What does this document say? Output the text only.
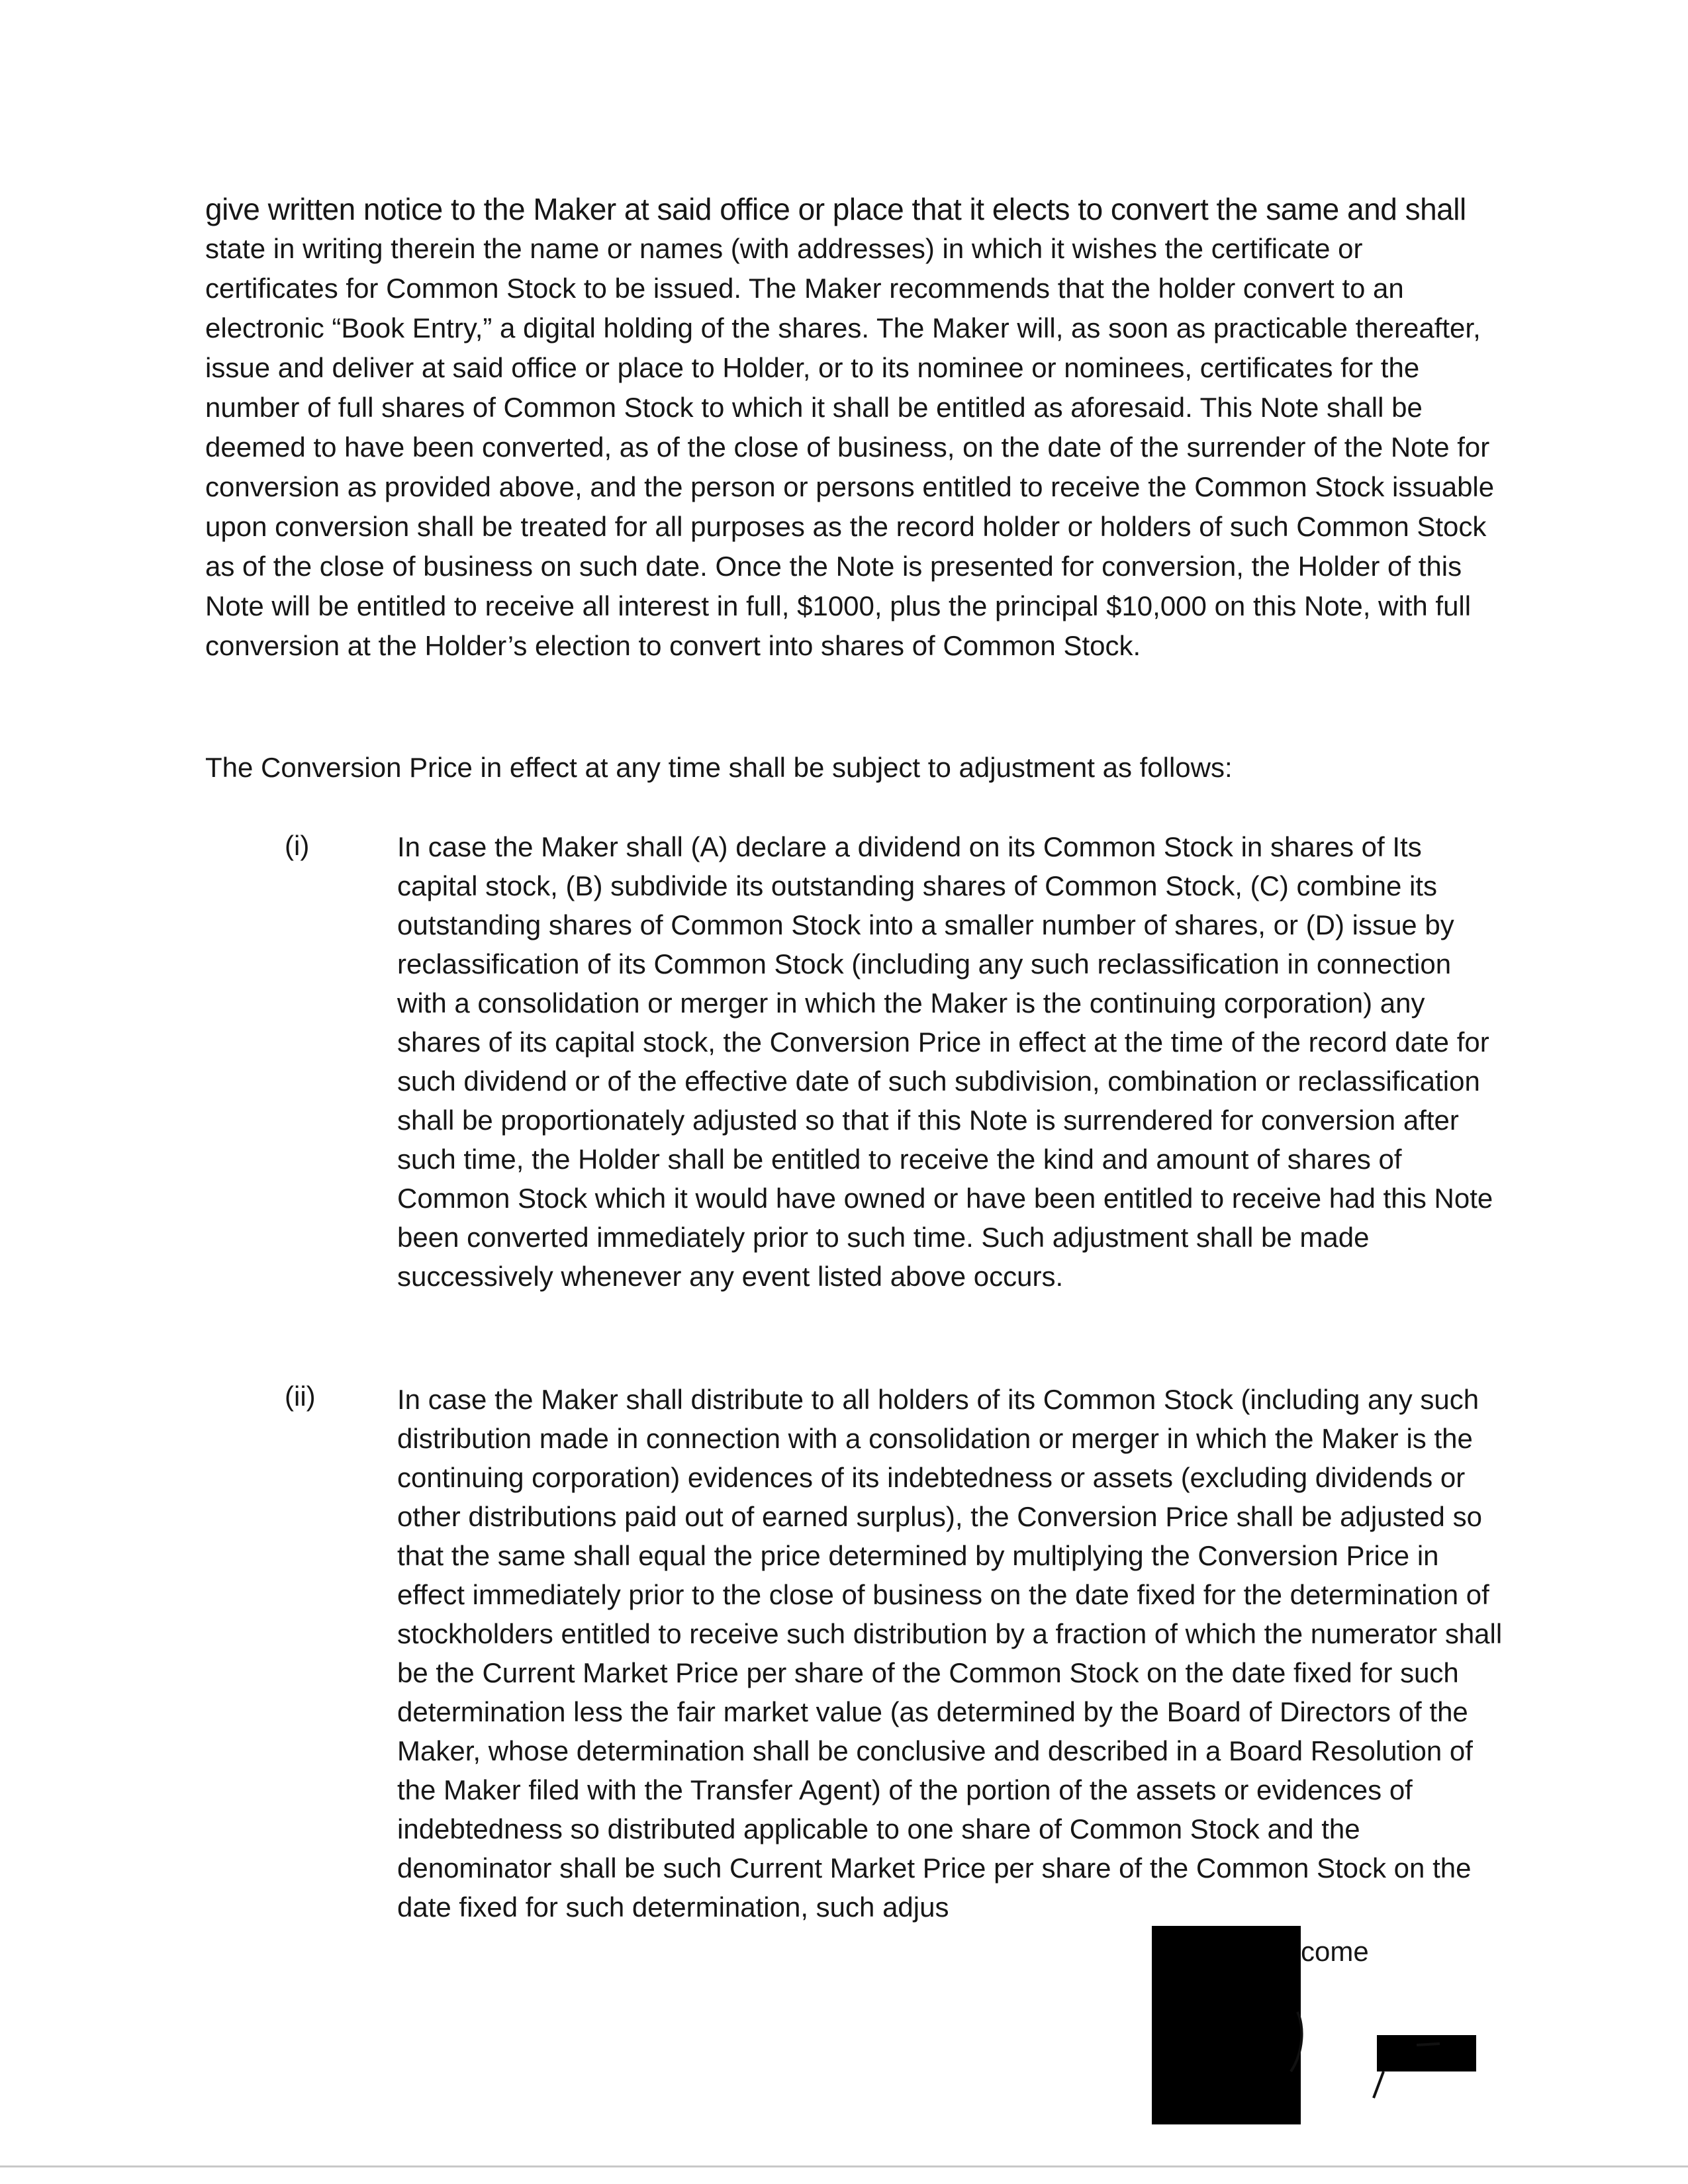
give written notice to the Maker at said office or place that it elects to convert the same and shall
state in writing therein the name or names (with addresses) in which it wishes the certificate or certificates for Common Stock to be issued. The Maker recommends that the holder convert to an electronic “Book Entry,” a digital holding of the shares. The Maker will, as soon as practicable thereafter, issue and deliver at said office or place to Holder, or to its nominee or nominees, certificates for the number of full shares of Common Stock to which it shall be entitled as aforesaid. This Note shall be deemed to have been converted, as of the close of business, on the date of the surrender of the Note for conversion as provided above, and the person or persons entitled to receive the Common Stock issuable upon conversion shall be treated for all purposes as the record holder or holders of such Common Stock as of the close of business on such date. Once the Note is presented for conversion, the Holder of this Note will be entitled to receive all interest in full, $1000, plus the principal $10,000 on this Note, with full conversion at the Holder’s election to convert into shares of Common Stock.

The Conversion Price in effect at any time shall be subject to adjustment as follows:

(i)	In case the Maker shall (A) declare a dividend on its Common Stock in shares of Its capital stock, (B) subdivide its outstanding shares of Common Stock, (C) combine its outstanding shares of Common Stock into a smaller number of shares, or (D) issue by reclassification of its Common Stock (including any such reclassification in connection with a consolidation or merger in which the Maker is the continuing corporation) any shares of its capital stock, the Conversion Price in effect at the time of the record date for such dividend or of the effective date of such subdivision, combination or reclassification shall be proportionately adjusted so that if this Note is surrendered for conversion after such time, the Holder shall be entitled to receive the kind and amount of shares of Common Stock which it would have owned or have been entitled to receive had this Note been converted immediately prior to such time. Such adjustment shall be made successively whenever any event listed above occurs.

(ii)	In case the Maker shall distribute to all holders of its Common Stock (including any such distribution made in connection with a consolidation or merger in which the Maker is the continuing corporation) evidences of its indebtedness or assets (excluding dividends or other distributions paid out of earned surplus), the Conversion Price shall be adjusted so that the same shall equal the price determined by multiplying the Conversion Price in effect immediately prior to the close of business on the date fixed for the determination of stockholders entitled to receive such distribution by a fraction of which the numerator shall be the Current Market Price per share of the Common Stock on the date fixed for such determination less the fair market value (as determined by the Board of Directors of the Maker, whose determination shall be conclusive and described in a Board Resolution of the Maker filed with the Transfer Agent) of the portion of the assets or evidences of indebtedness so distributed applicable to one share of Common Stock and the denominator shall be such Current Market Price per share of the Common Stock on the date fixed for such determination, such adjus

come
